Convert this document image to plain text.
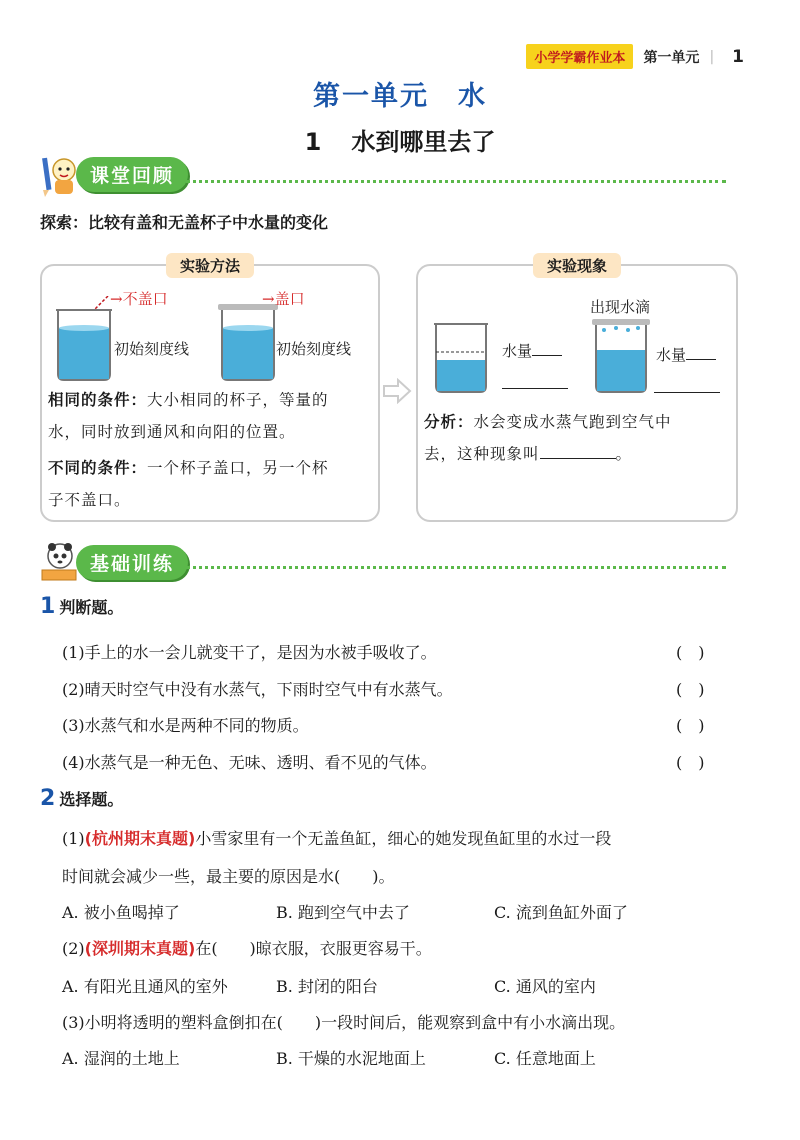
小学学霸作业本	第一单元 | 1
第一单元　水
1 水到哪里去了
课堂回顾
探索：比较有盖和无盖杯子中水量的变化
实验方法
→不盖口
初始刻度线
→盖口
初始刻度线
相同的条件：大小相同的杯子，等量的
水，同时放到通风和向阳的位置。
不同的条件：一个杯子盖口，另一个杯
子不盖口。
实验现象
出现水滴
水量	水量
分析：水会变成水蒸气跑到空气中
去，这种现象叫	。
基础训练
1 判断题。
(1)手上的水一会儿就变干了，是因为水被手吸收了。	(　)
(2)晴天时空气中没有水蒸气，下雨时空气中有水蒸气。	(　)
(3)水蒸气和水是两种不同的物质。	(　)
(4)水蒸气是一种无色、无味、透明、看不见的气体。	(　)
2 选择题。
(1)(杭州期末真题)小雪家里有一个无盖鱼缸，细心的她发现鱼缸里的水过一段
时间就会减少一些，最主要的原因是水(　　)。
A. 被小鱼喝掉了	B. 跑到空气中去了	C. 流到鱼缸外面了
(2)(深圳期末真题)在(　　)晾衣服，衣服更容易干。
A. 有阳光且通风的室外	B. 封闭的阳台	C. 通风的室内
(3)小明将透明的塑料盒倒扣在(　　)一段时间后，能观察到盒中有小水滴出现。
A. 湿润的土地上	B. 干燥的水泥地面上	C. 任意地面上
